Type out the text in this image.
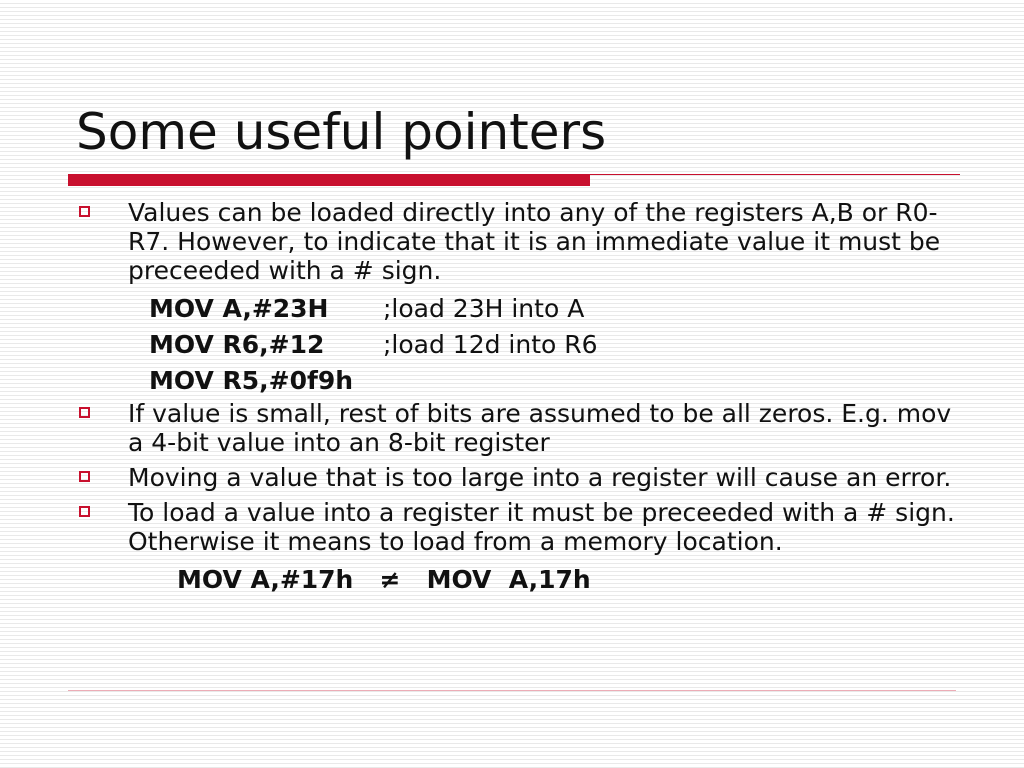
Some useful pointers
Values can be loaded directly into any of the registers A,B or R0-R7. However, to indicate that it is an immediate value it must be preceeded with a # sign.
MOV A,#23H ;load 23H into A
MOV R6,#12 ;load 12d into R6
MOV R5,#0f9h
If value is small, rest of bits are assumed to be all zeros. E.g. mov a 4-bit value into an 8-bit register
Moving a value that is too large into a register will cause an error.
To load a value into a register it must be preceeded with a # sign. Otherwise it means to load from a memory location.
MOV A,#17h ≠ MOV  A,17h
